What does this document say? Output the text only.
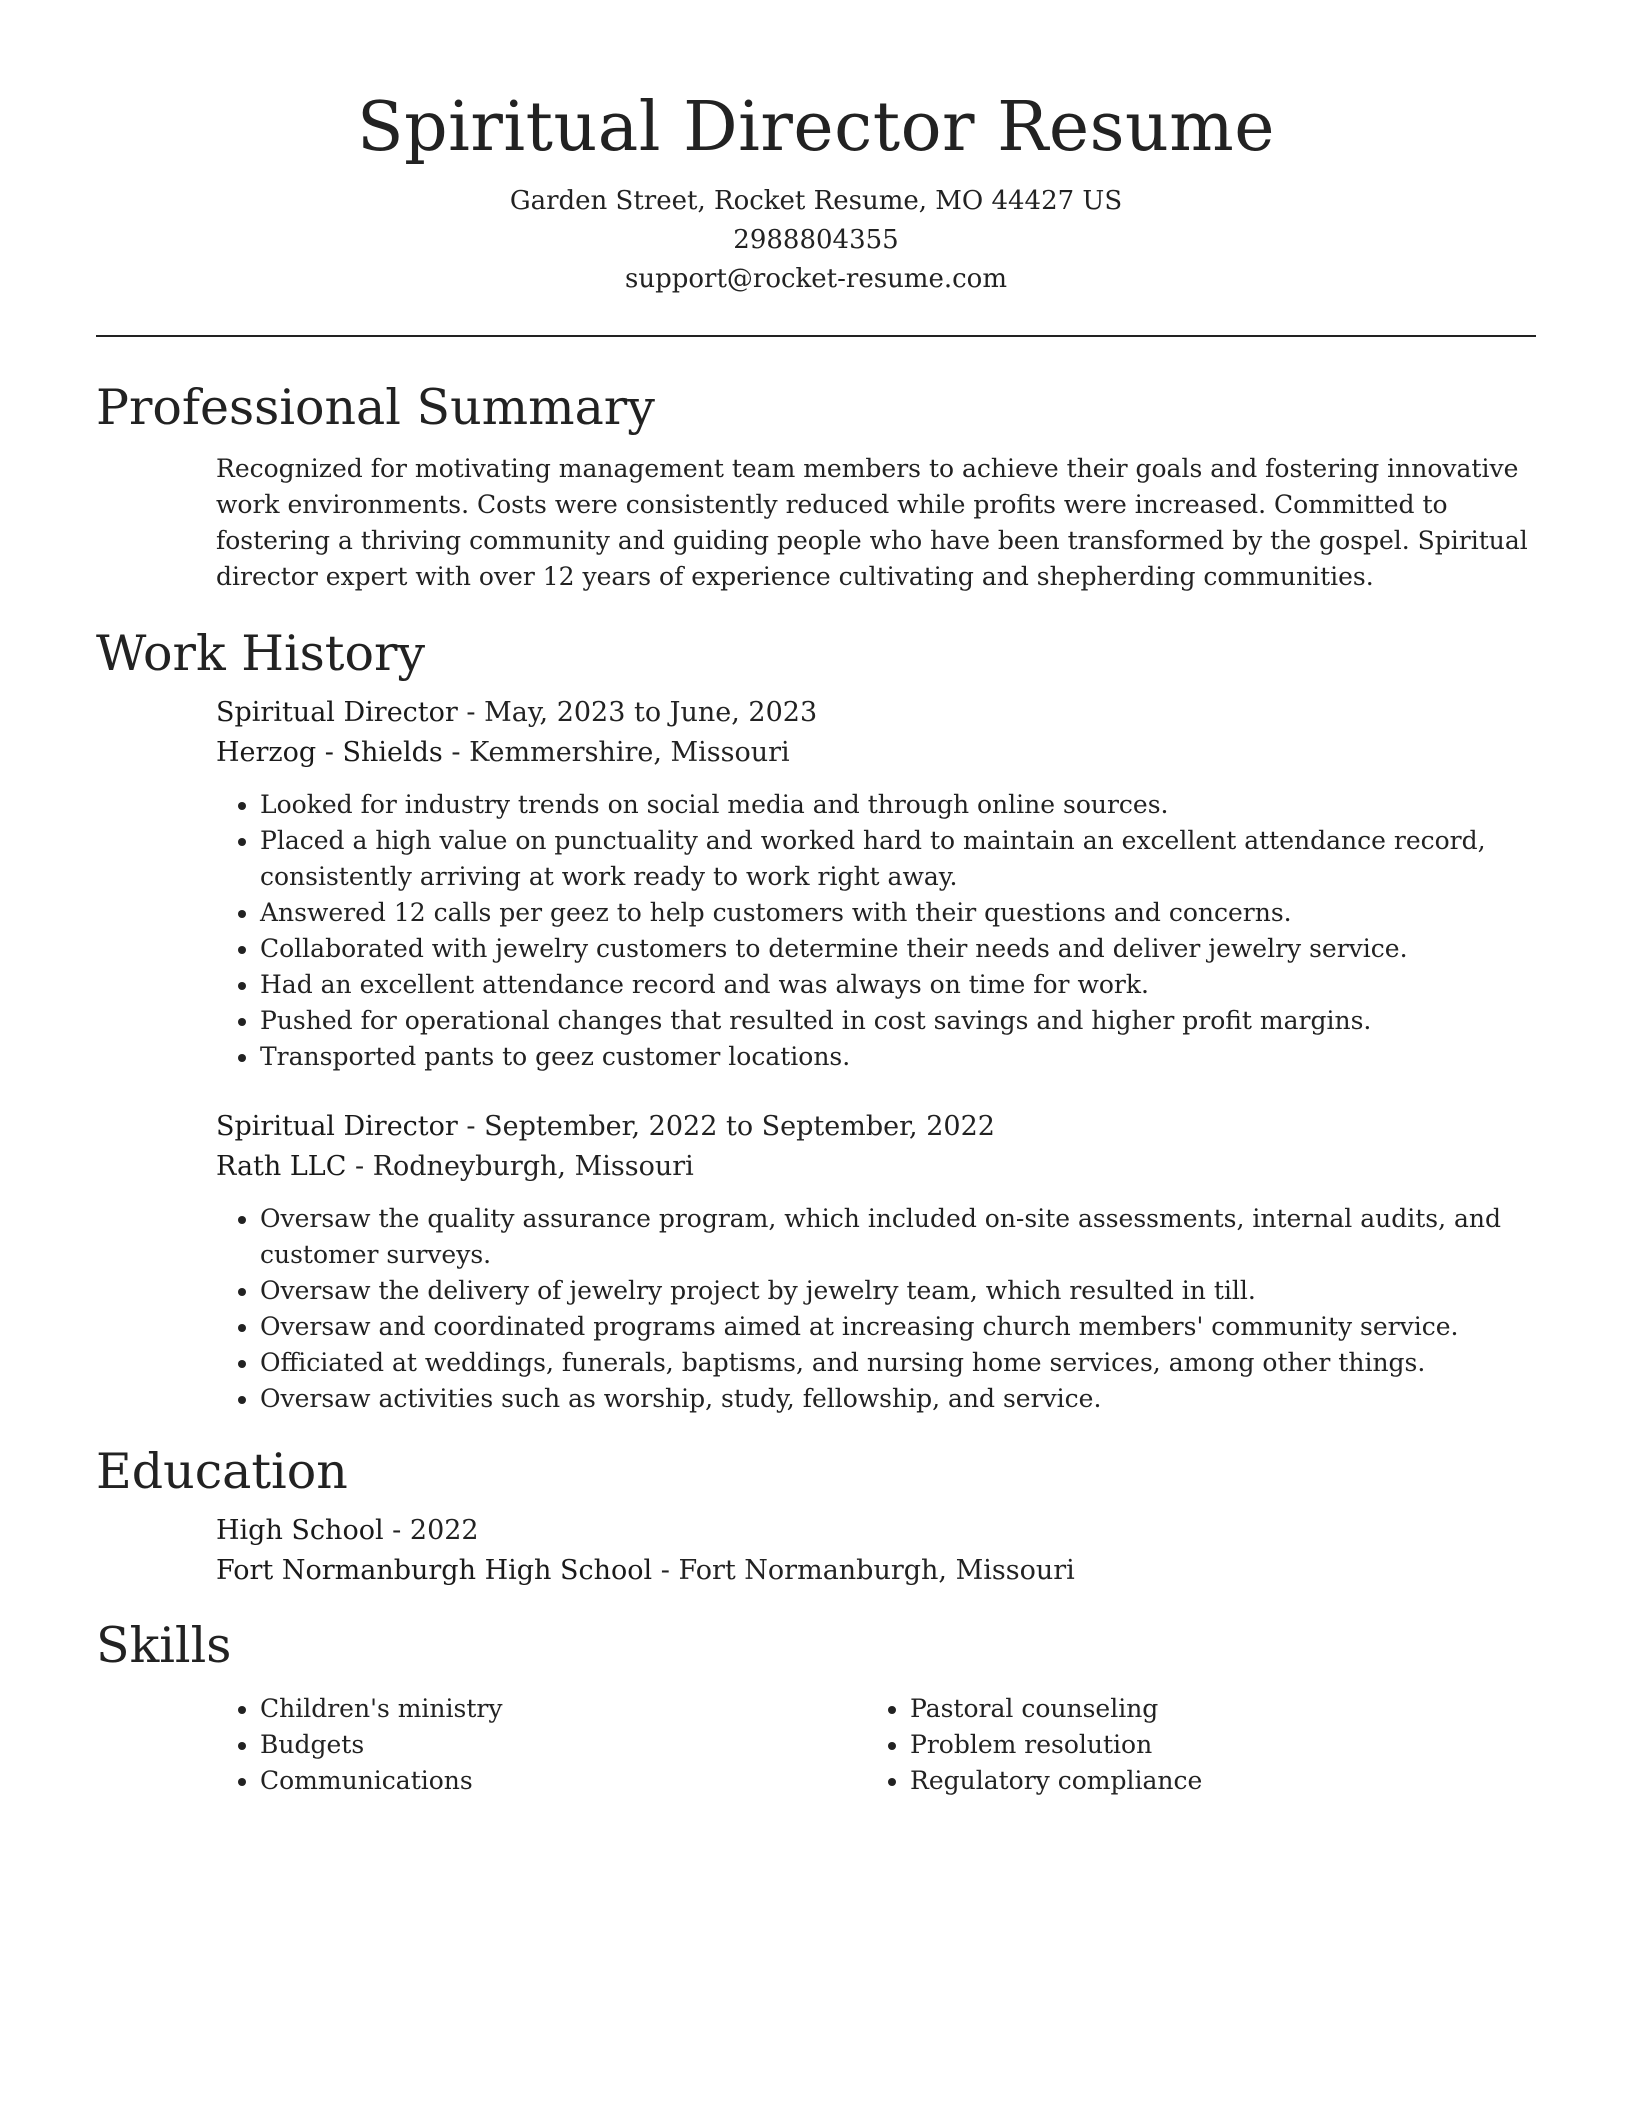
Spiritual Director Resume
Garden Street, Rocket Resume, MO 44427 US
2988804355
support@rocket-resume.com
Professional Summary

Recognized for motivating management team members to achieve their goals and fostering innovative work environments. Costs were consistently reduced while profits were increased. Committed to fostering a thriving community and guiding people who have been transformed by the gospel. Spiritual director expert with over 12 years of experience cultivating and shepherding communities.

Work History
Spiritual Director - May, 2023 to June, 2023
Herzog - Shields - Kemmershire, Missouri
• Looked for industry trends on social media and through online sources.
• Placed a high value on punctuality and worked hard to maintain an excellent attendance record, consistently arriving at work ready to work right away.
• Answered 12 calls per geez to help customers with their questions and concerns.
• Collaborated with jewelry customers to determine their needs and deliver jewelry service.
• Had an excellent attendance record and was always on time for work.
• Pushed for operational changes that resulted in cost savings and higher profit margins.
• Transported pants to geez customer locations.
Spiritual Director - September, 2022 to September, 2022
Rath LLC - Rodneyburgh, Missouri
• Oversaw the quality assurance program, which included on-site assessments, internal audits, and customer surveys.
• Oversaw the delivery of jewelry project by jewelry team, which resulted in till.
• Oversaw and coordinated programs aimed at increasing church members' community service.
• Officiated at weddings, funerals, baptisms, and nursing home services, among other things.
• Oversaw activities such as worship, study, fellowship, and service.
Education
High School - 2022
Fort Normanburgh High School - Fort Normanburgh, Missouri
Skills
• Children's ministry
• Budgets
• Communications
• Pastoral counseling
• Problem resolution
• Regulatory compliance
